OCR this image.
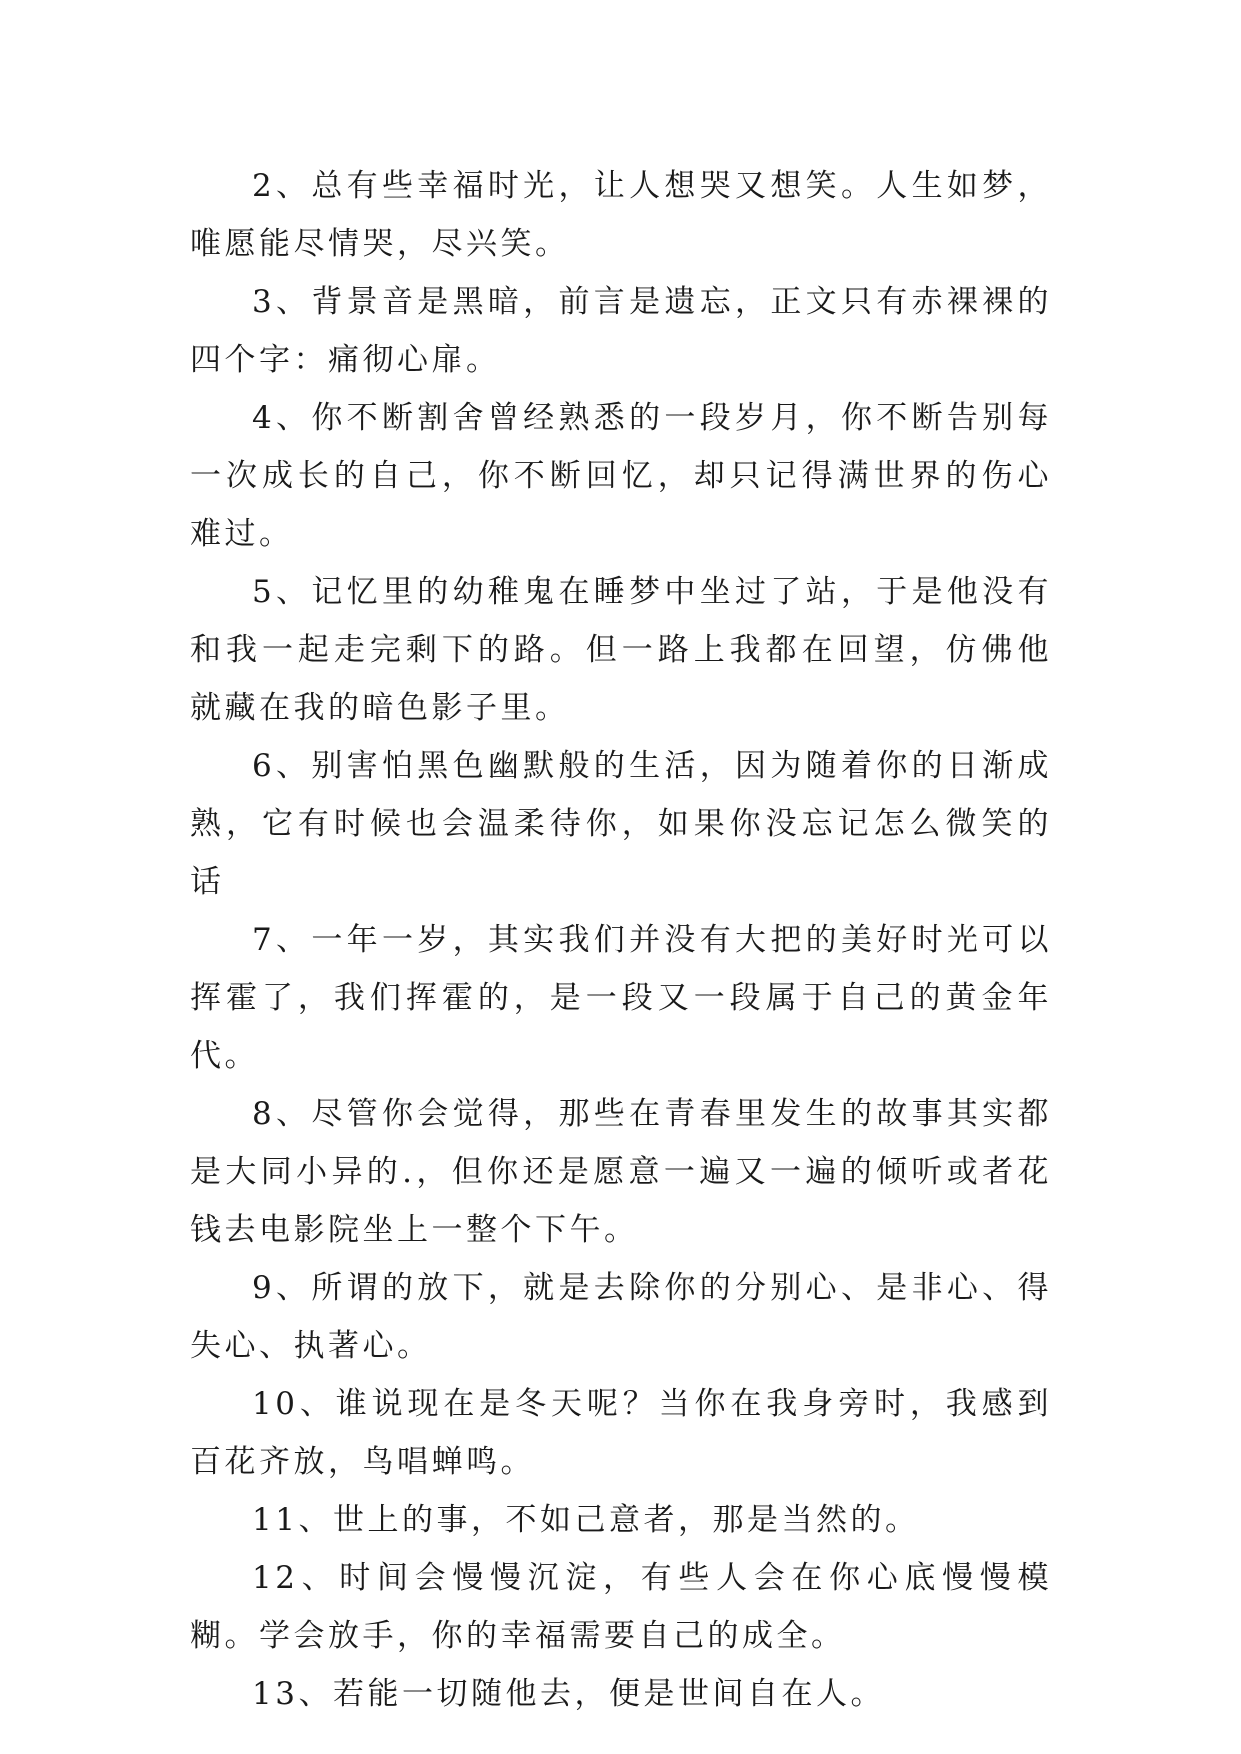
2、总有些幸福时光，让人想哭又想笑。人生如梦，唯愿能尽情哭，尽兴笑。

3、背景音是黑暗，前言是遗忘，正文只有赤裸裸的四个字：痛彻心扉。

4、你不断割舍曾经熟悉的一段岁月，你不断告别每一次成长的自己，你不断回忆，却只记得满世界的伤心难过。

5、记忆里的幼稚鬼在睡梦中坐过了站，于是他没有和我一起走完剩下的路。但一路上我都在回望，仿佛他就藏在我的暗色影子里。

6、别害怕黑色幽默般的生活，因为随着你的日渐成熟，它有时候也会温柔待你，如果你没忘记怎么微笑的话

7、一年一岁，其实我们并没有大把的美好时光可以挥霍了，我们挥霍的，是一段又一段属于自己的黄金年代。

8、尽管你会觉得，那些在青春里发生的故事其实都是大同小异的.，但你还是愿意一遍又一遍的倾听或者花钱去电影院坐上一整个下午。

9、所谓的放下，就是去除你的分别心、是非心、得失心、执著心。

10、谁说现在是冬天呢？当你在我身旁时，我感到百花齐放，鸟唱蝉鸣。

11、世上的事，不如己意者，那是当然的。

12、时间会慢慢沉淀，有些人会在你心底慢慢模糊。学会放手，你的幸福需要自己的成全。

13、若能一切随他去，便是世间自在人。
